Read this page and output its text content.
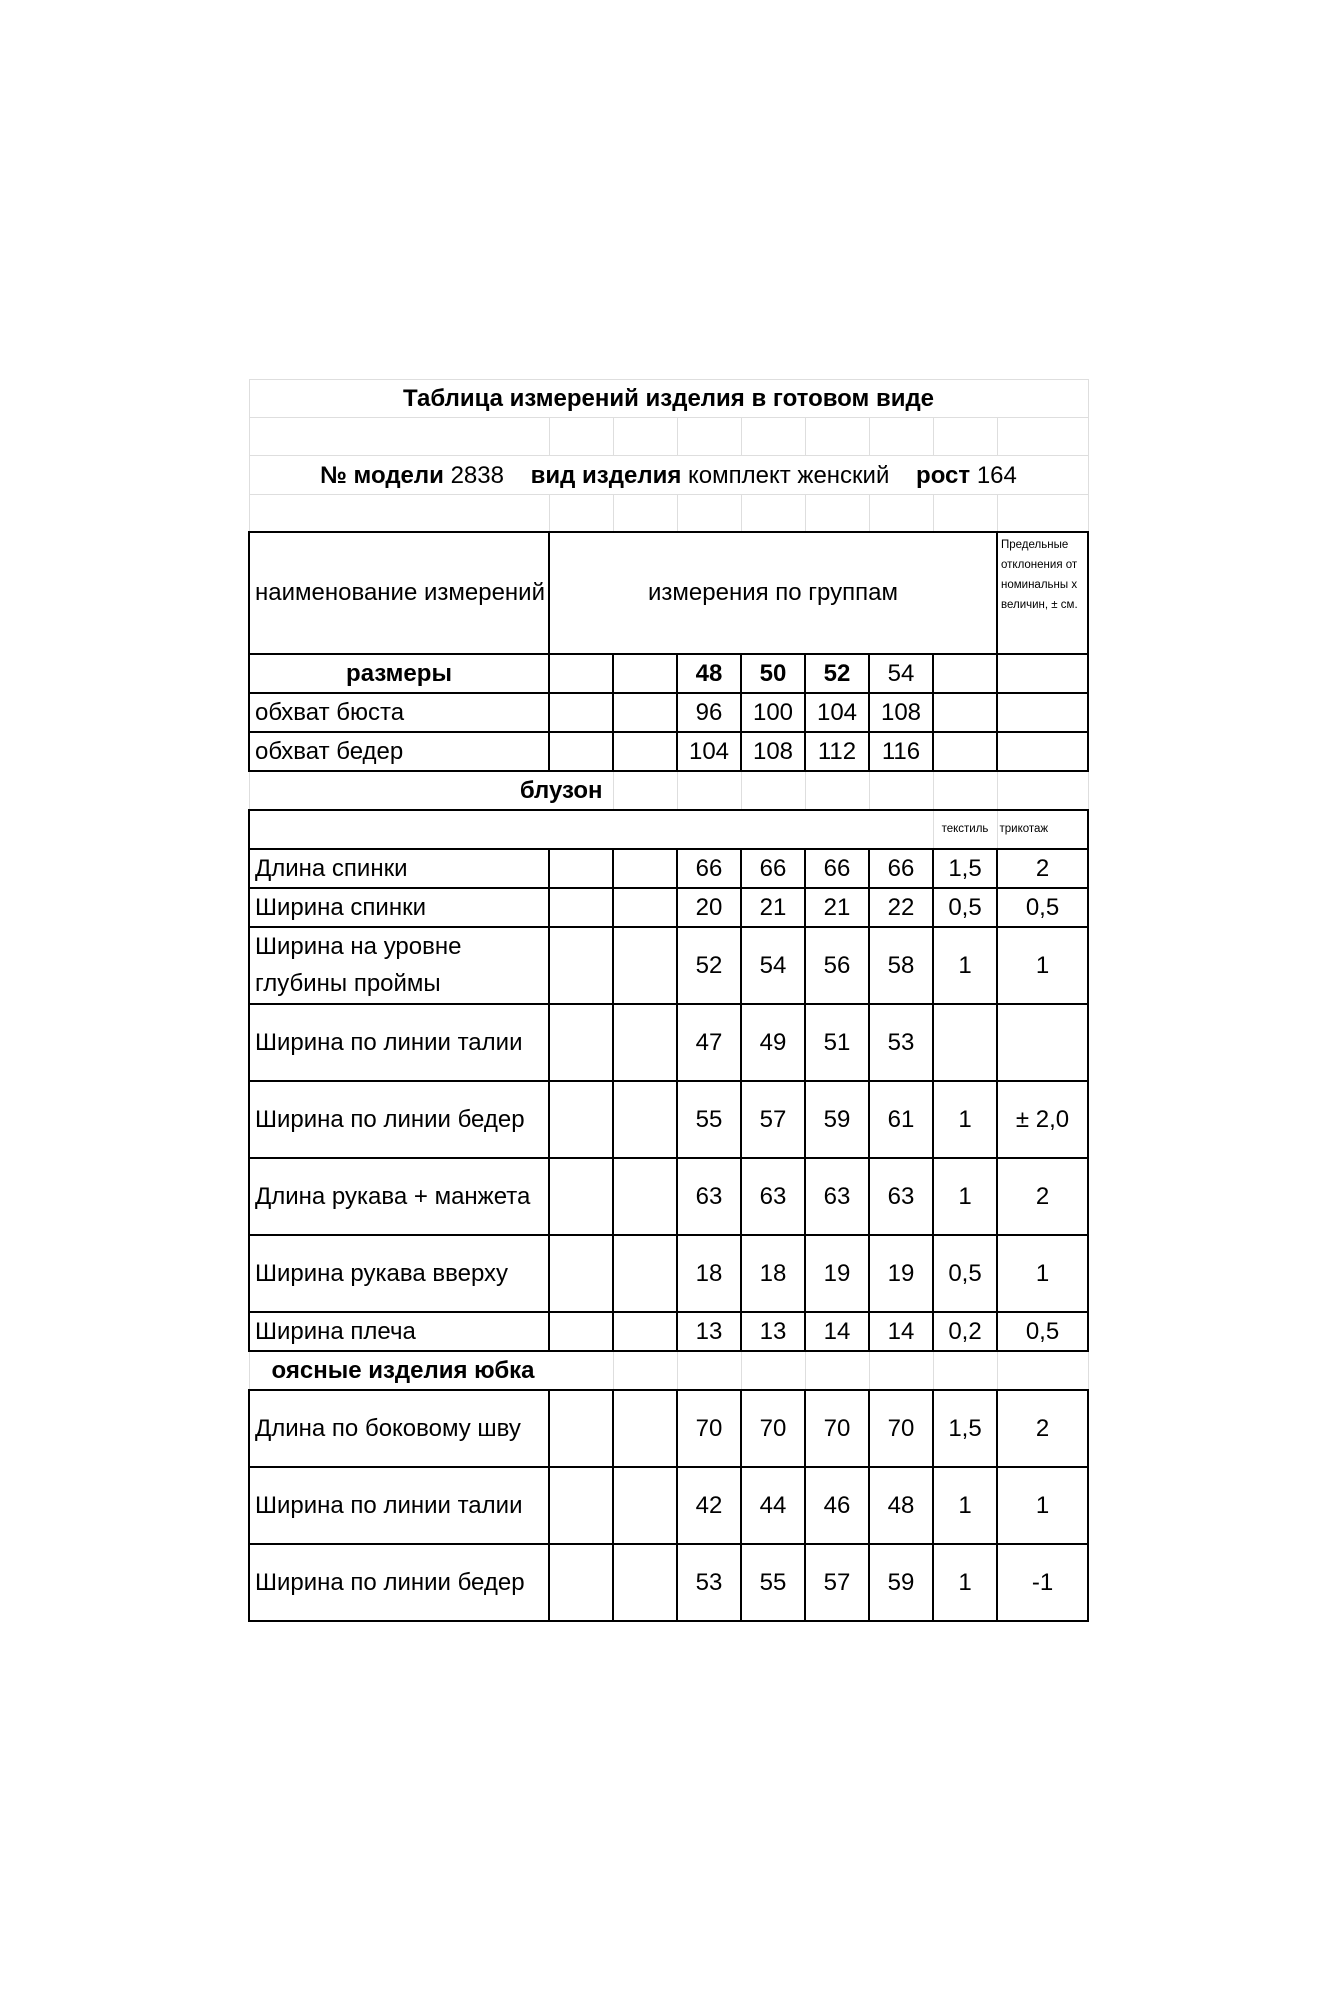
Таблица измерений изделия в готовом виде								

№ модели 2838 вид изделия комплект женский рост 164								

наименование измерений	измерения по группам							Предельные отклонения от номинальны х величин, ± см.
размеры			48	50	52	54		
обхват бюста			96	100	104	108		
обхват бедер			104	108	112	116		
блузон								
							текстиль	трикотаж
Длина спинки			66	66	66	66	1,5	2
Ширина спинки			20	21	21	22	0,5	0,5
Ширина на уровне глубины проймы			52	54	56	58	1	1
Ширина по линии талии			47	49	51	53		
Ширина по линии бедер			55	57	59	61	1	± 2,0
Длина рукава + манжета			63	63	63	63	1	2
Ширина рукава вверху			18	18	19	19	0,5	1
Ширина плеча			13	13	14	14	0,2	0,5
оясные изделия юбка								
Длина по боковому шву			70	70	70	70	1,5	2
Ширина по линии талии			42	44	46	48	1	1
Ширина по линии бедер			53	55	57	59	1	-1
